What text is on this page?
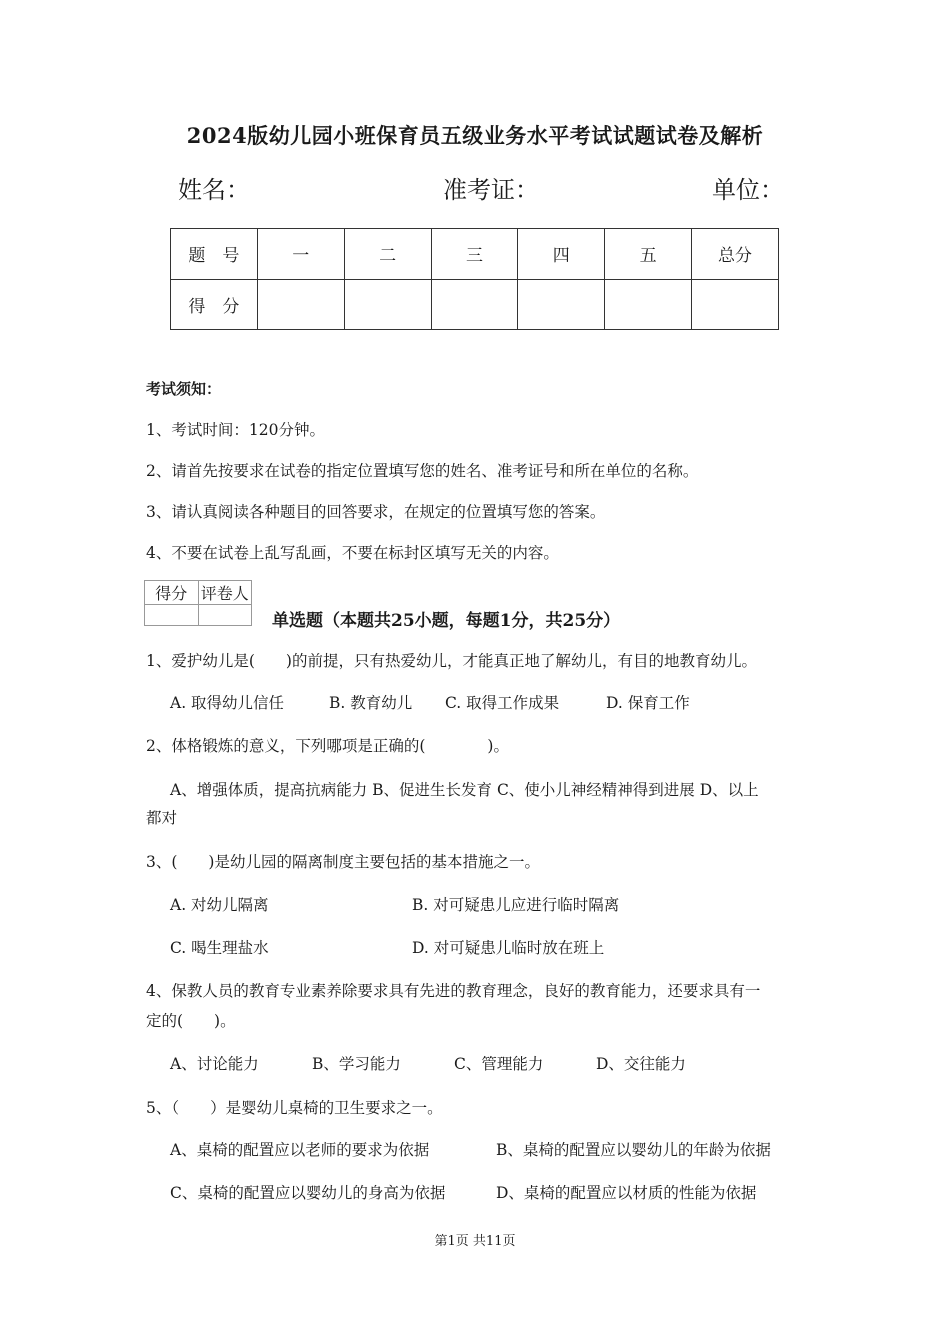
2024版幼儿园小班保育员五级业务水平考试试题试卷及解析
姓名：	准考证：	单位：
题　号	一	二	三	四	五	总分
得　分						
考试须知：
1、考试时间：120分钟。
2、请首先按要求在试卷的指定位置填写您的姓名、准考证号和所在单位的名称。
3、请认真阅读各种题目的回答要求，在规定的位置填写您的答案。
4、不要在试卷上乱写乱画，不要在标封区填写无关的内容。
得分	评卷人

单选题（本题共25小题，每题1分，共25分）
1、爱护幼儿是(　　)的前提，只有热爱幼儿，才能真正地了解幼儿，有目的地教育幼儿。
A. 取得幼儿信任	B. 教育幼儿 C. 取得工作成果	D. 保育工作
2、体格锻炼的意义，下列哪项是正确的(　　　　)。
A、增强体质，提高抗病能力 B、促进生长发育 C、使小儿神经精神得到进展 D、以上
都对
3、(　　)是幼儿园的隔离制度主要包括的基本措施之一。
A. 对幼儿隔离	B. 对可疑患儿应进行临时隔离
C. 喝生理盐水	D. 对可疑患儿临时放在班上
4、保教人员的教育专业素养除要求具有先进的教育理念，良好的教育能力，还要求具有一
定的(　　)。
A、讨论能力	B、学习能力	C、管理能力	D、交往能力
5、（　　）是婴幼儿桌椅的卫生要求之一。
A、桌椅的配置应以老师的要求为依据	B、桌椅的配置应以婴幼儿的年龄为依据
C、桌椅的配置应以婴幼儿的身高为依据	D、桌椅的配置应以材质的性能为依据
第1页 共11页
